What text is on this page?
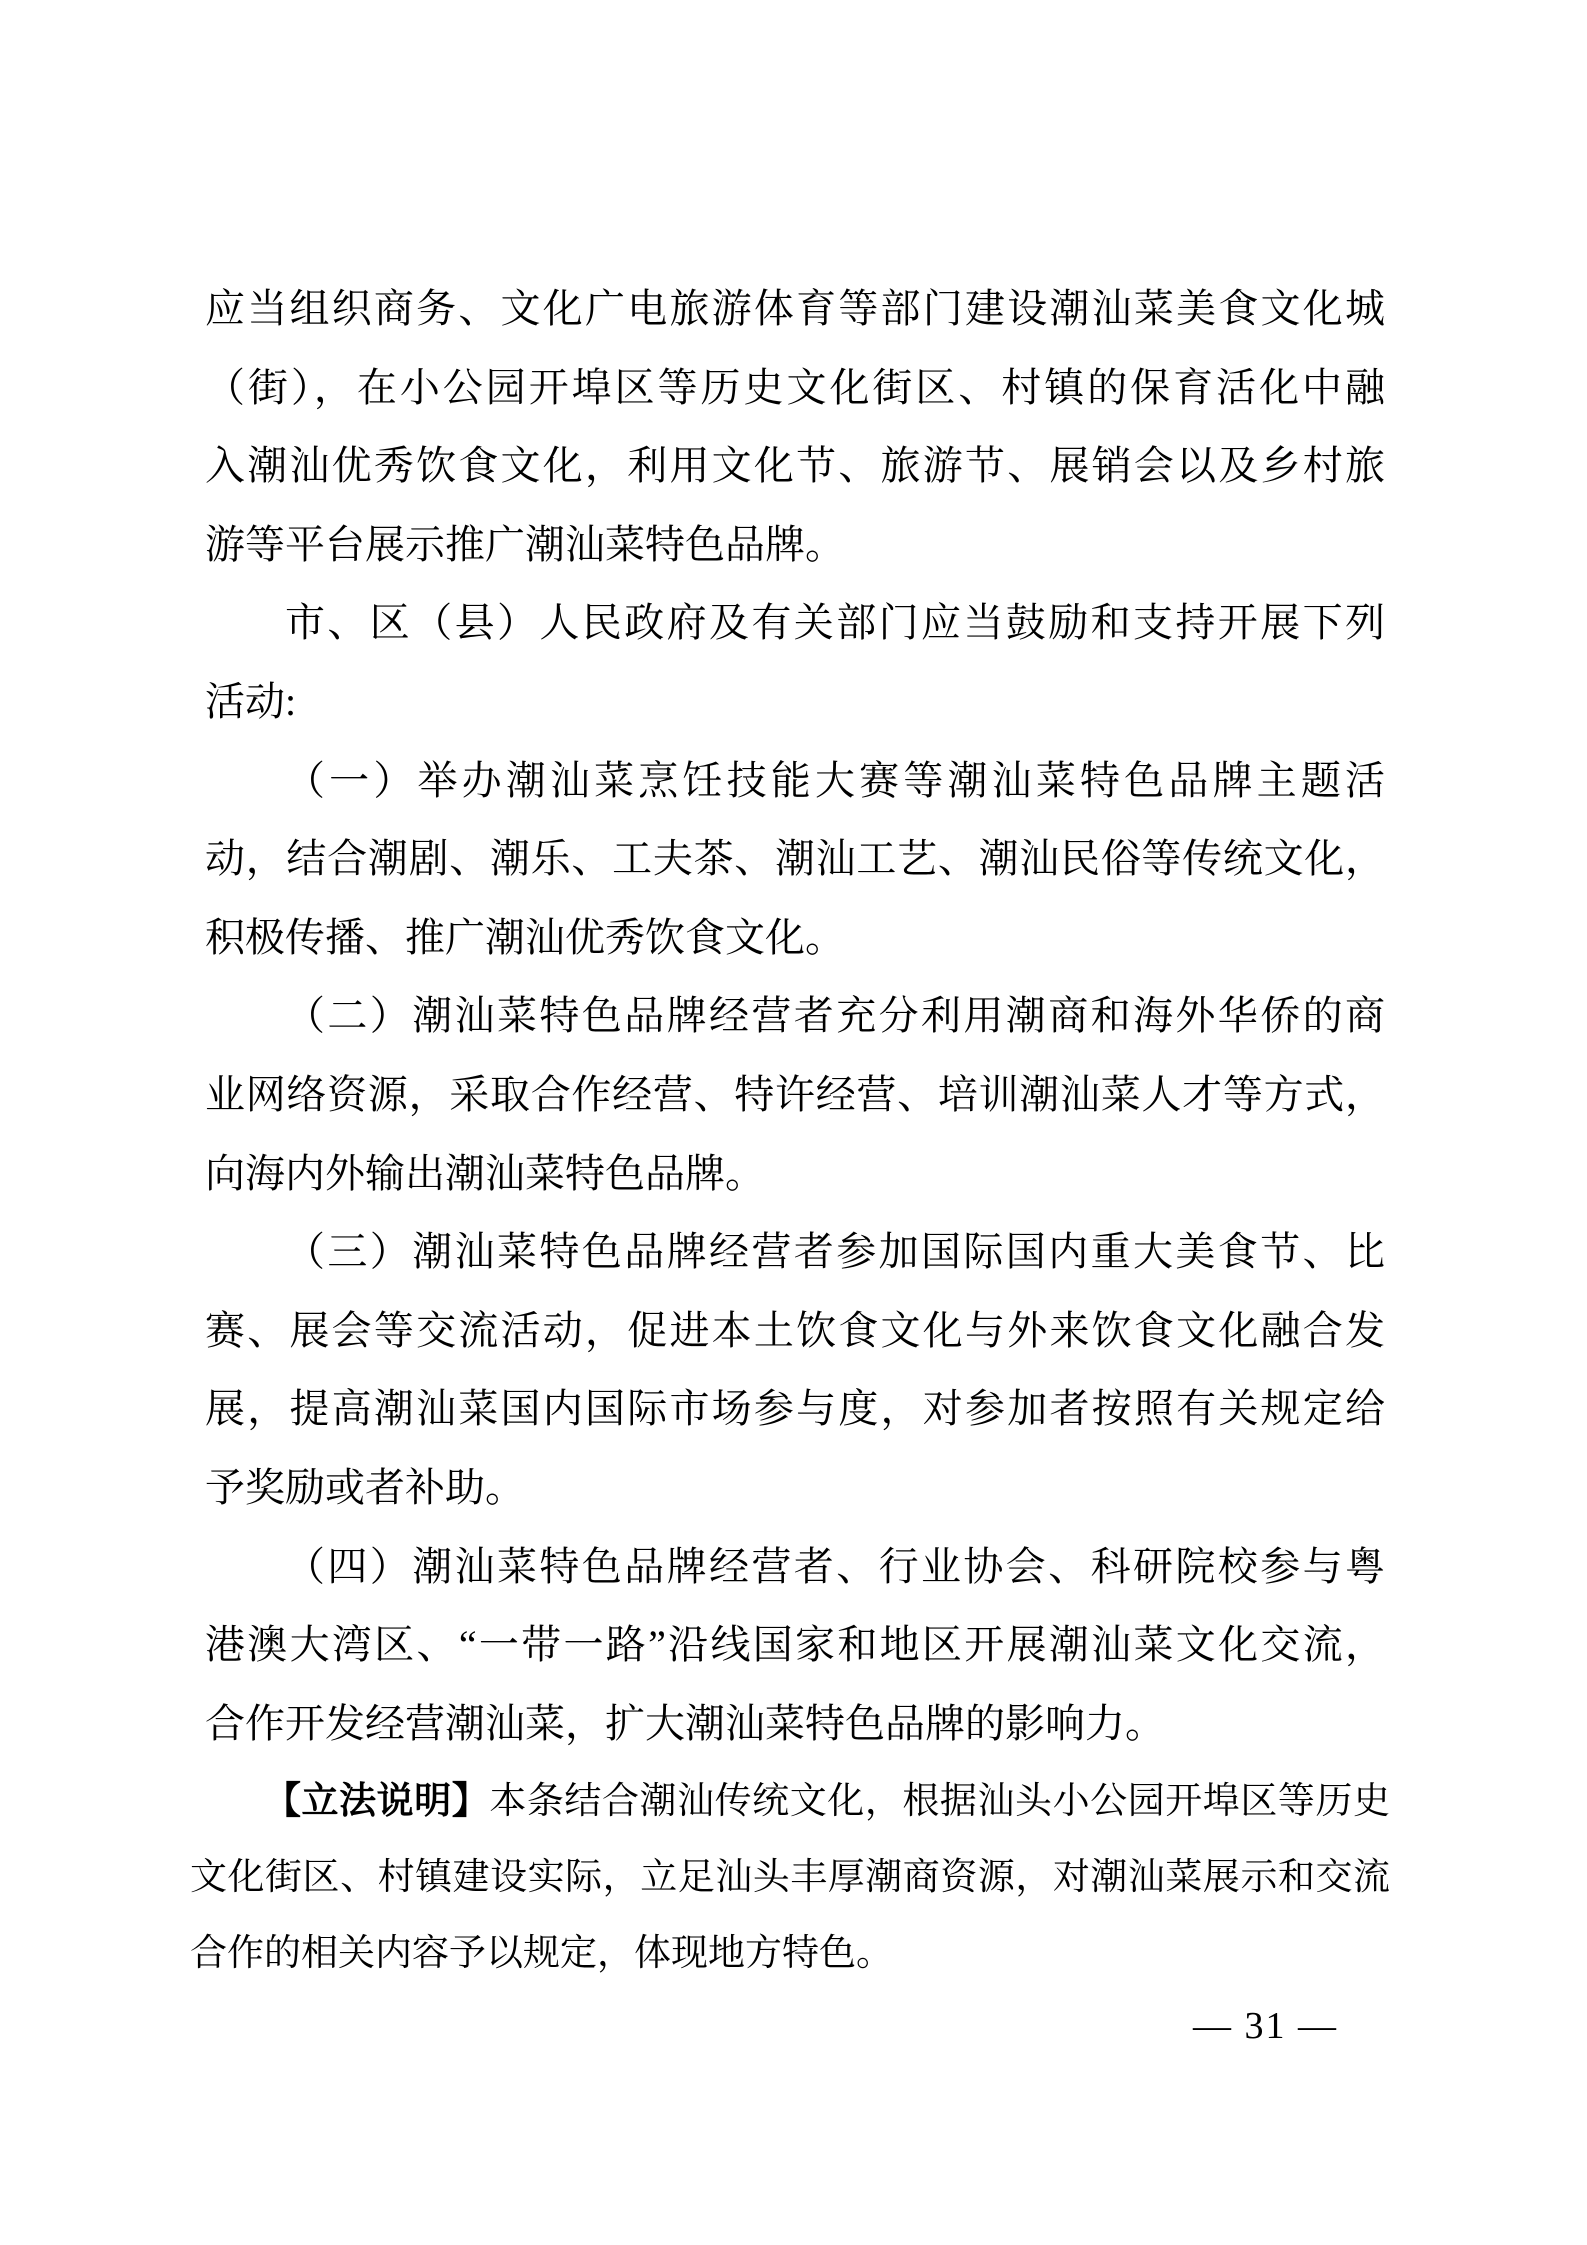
应当组织商务、文化广电旅游体育等部门建设潮汕菜美食文化城
（街），在小公园开埠区等历史文化街区、村镇的保育活化中融
入潮汕优秀饮食文化，利用文化节、旅游节、展销会以及乡村旅
游等平台展示推广潮汕菜特色品牌。
市、区（县）人民政府及有关部门应当鼓励和支持开展下列
活动:
（一）举办潮汕菜烹饪技能大赛等潮汕菜特色品牌主题活
动，结合潮剧、潮乐、工夫茶、潮汕工艺、潮汕民俗等传统文化，
积极传播、推广潮汕优秀饮食文化。
（二）潮汕菜特色品牌经营者充分利用潮商和海外华侨的商
业网络资源，采取合作经营、特许经营、培训潮汕菜人才等方式，
向海内外输出潮汕菜特色品牌。
（三）潮汕菜特色品牌经营者参加国际国内重大美食节、比
赛、展会等交流活动，促进本土饮食文化与外来饮食文化融合发
展，提高潮汕菜国内国际市场参与度，对参加者按照有关规定给
予奖励或者补助。
（四）潮汕菜特色品牌经营者、行业协会、科研院校参与粤
港澳大湾区、“一带一路”沿线国家和地区开展潮汕菜文化交流，
合作开发经营潮汕菜，扩大潮汕菜特色品牌的影响力。
【立法说明】本条结合潮汕传统文化，根据汕头小公园开埠区等历史
文化街区、村镇建设实际，立足汕头丰厚潮商资源，对潮汕菜展示和交流
合作的相关内容予以规定，体现地方特色。
— 31 —
